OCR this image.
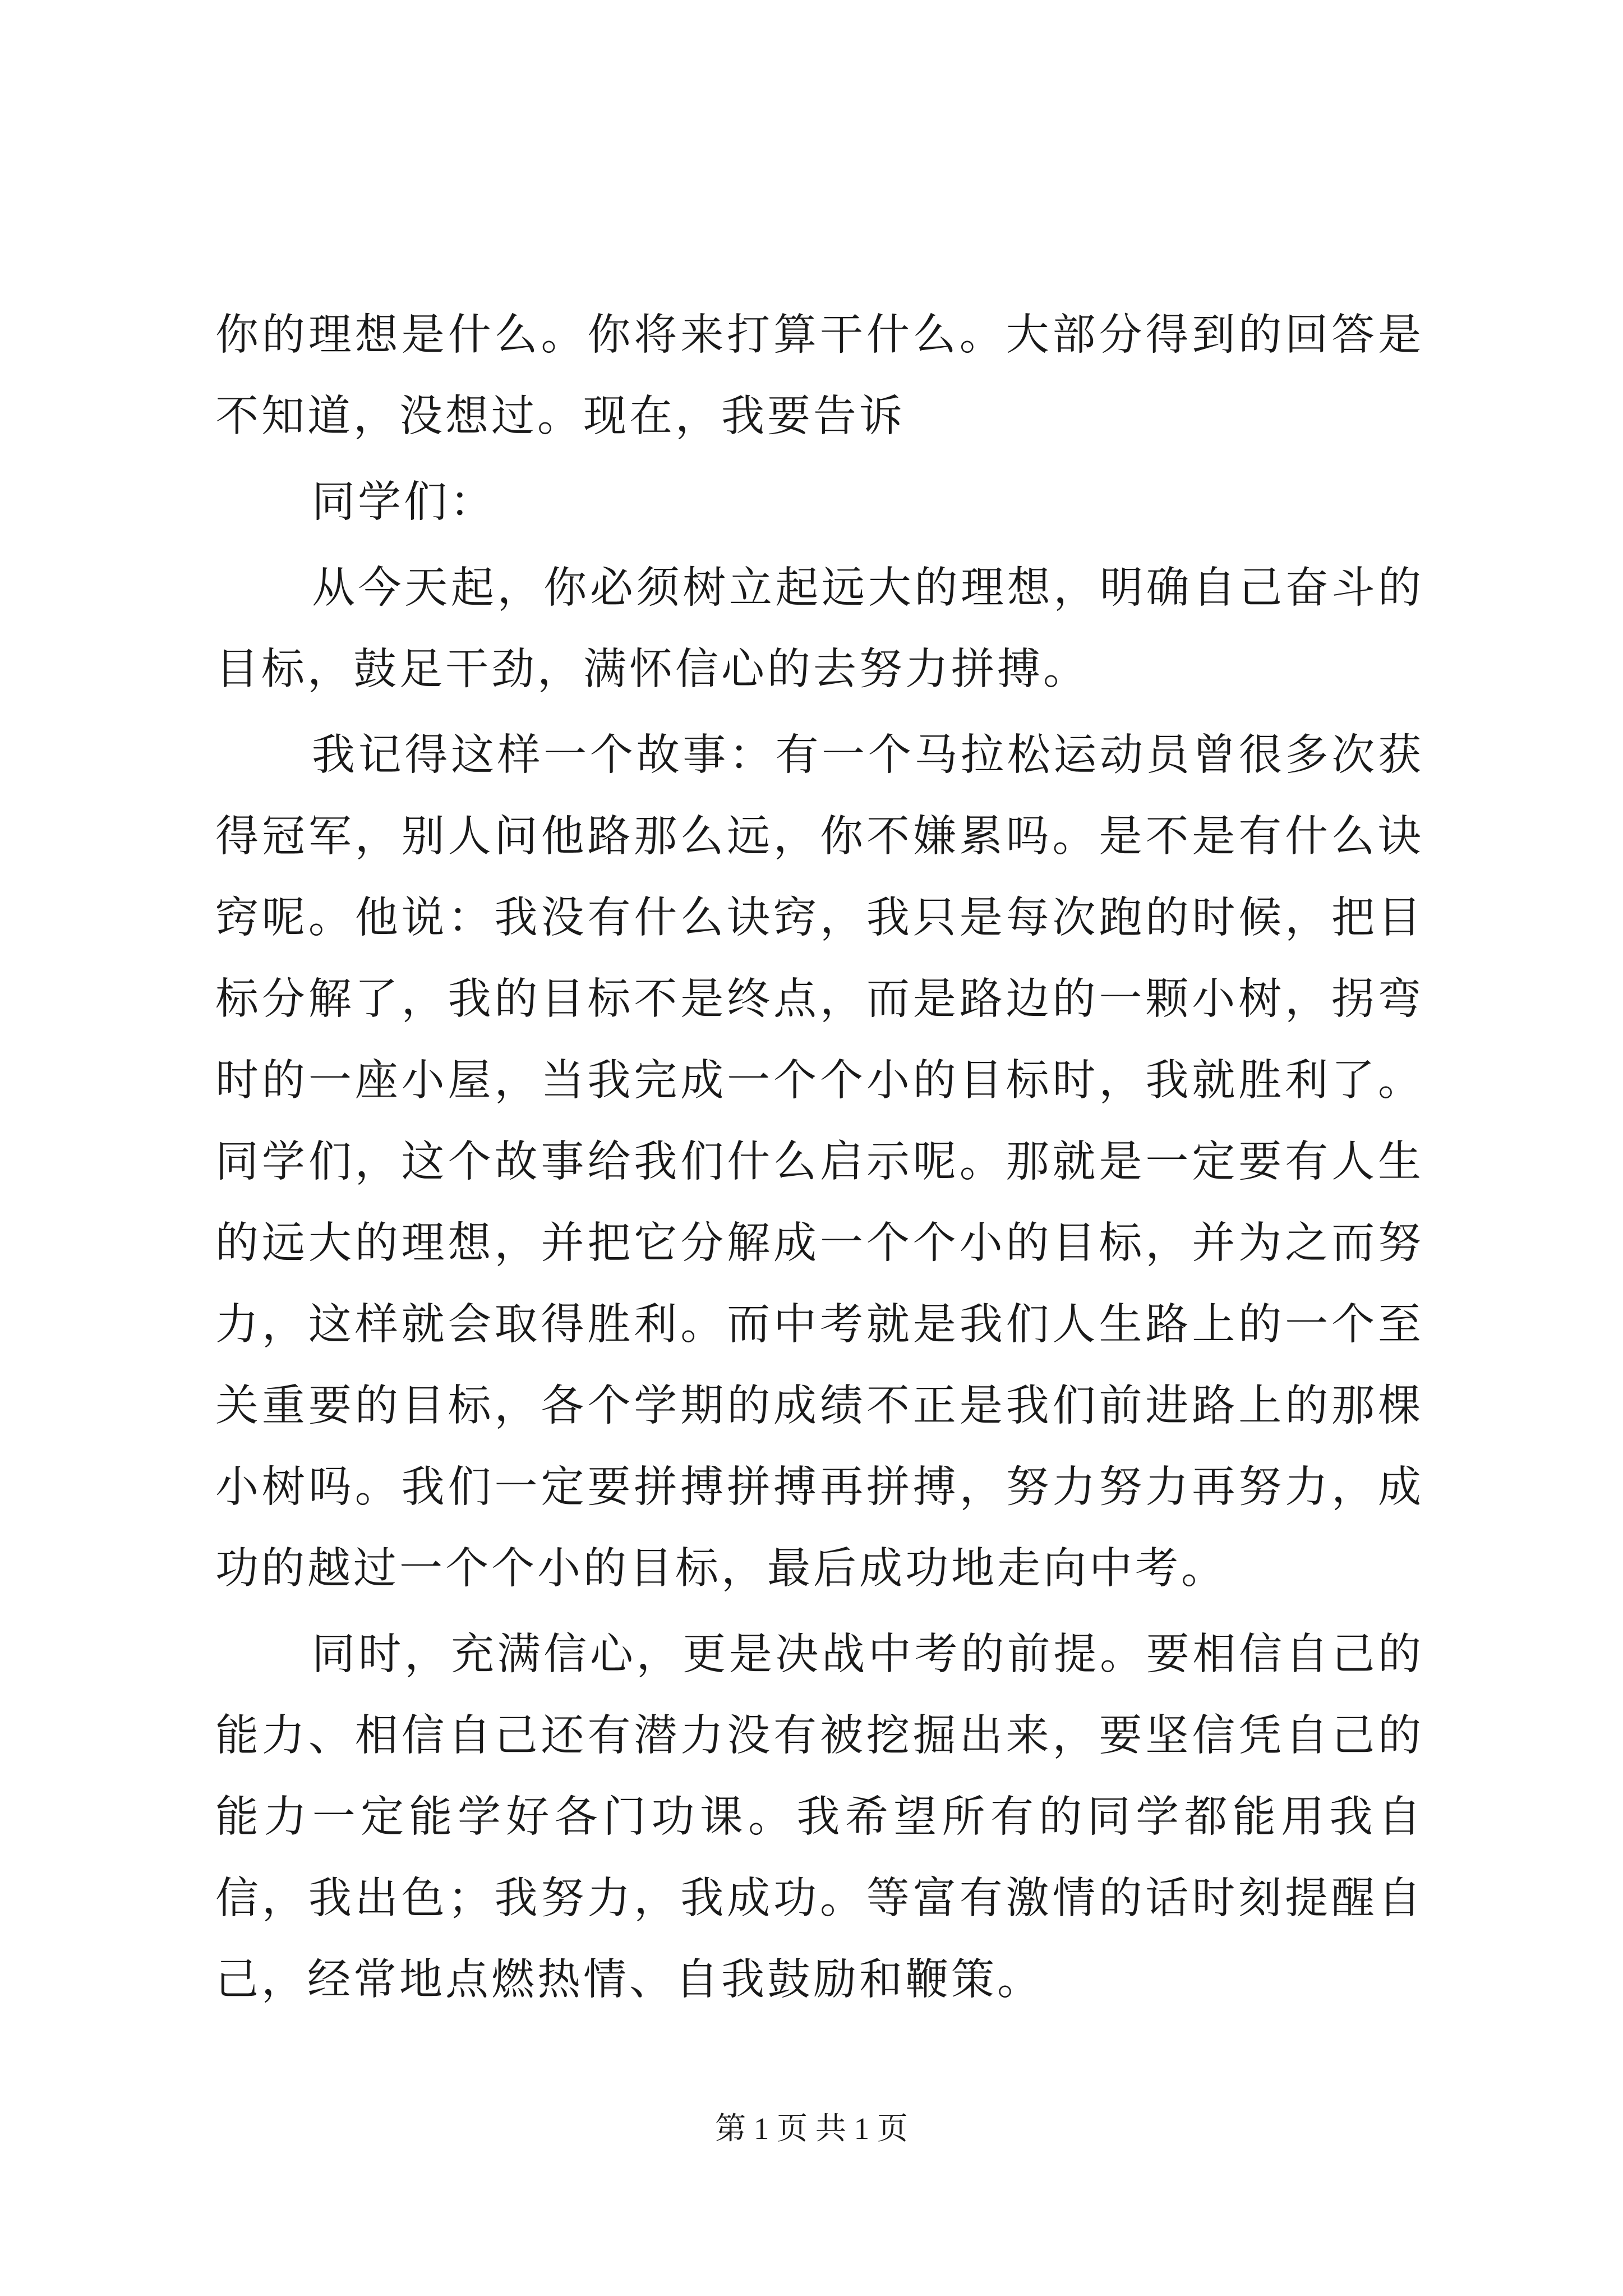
你的理想是什么。你将来打算干什么。大部分得到的回答是不知道，没想过。现在，我要告诉

同学们：

从今天起，你必须树立起远大的理想，明确自己奋斗的目标，鼓足干劲，满怀信心的去努力拼搏。

我记得这样一个故事：有一个马拉松运动员曾很多次获得冠军，别人问他路那么远，你不嫌累吗。是不是有什么诀窍呢。他说：我没有什么诀窍，我只是每次跑的时候，把目标分解了，我的目标不是终点，而是路边的一颗小树，拐弯时的一座小屋，当我完成一个个小的目标时，我就胜利了。同学们，这个故事给我们什么启示呢。那就是一定要有人生的远大的理想，并把它分解成一个个小的目标，并为之而努力，这样就会取得胜利。而中考就是我们人生路上的一个至关重要的目标，各个学期的成绩不正是我们前进路上的那棵小树吗。我们一定要拼搏拼搏再拼搏，努力努力再努力，成功的越过一个个小的目标，最后成功地走向中考。

同时，充满信心，更是决战中考的前提。要相信自己的能力、相信自己还有潜力没有被挖掘出来，要坚信凭自己的能力一定能学好各门功课。我希望所有的同学都能用我自信，我出色；我努力，我成功。等富有激情的话时刻提醒自己，经常地点燃热情、自我鼓励和鞭策。

第 1 页 共 1 页
